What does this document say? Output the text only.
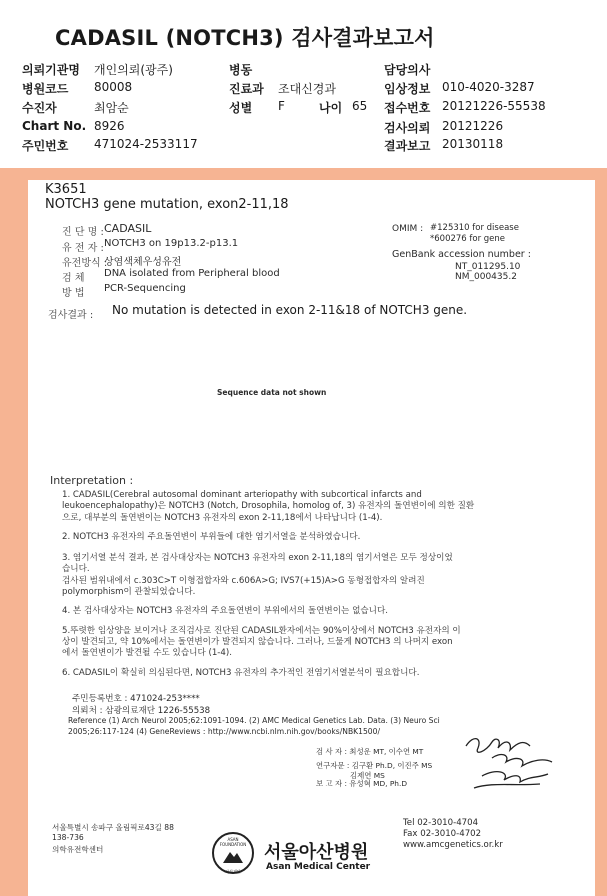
CADASIL (NOTCH3) 검사결과보고서
의뢰기관명 개인의뢰(광주)
병원코드 80008
수진자	최암순
Chart No. 8926
주민번호 471024-2533117
병동
진료과 조대신경과
성별 F	나이 65
담당의사
임상정보 010-4020-3287
접수번호 20121226-55538
검사의뢰 20121226
결과보고 20130118
K3651
NOTCH3 gene mutation, exon2-11,18
진 단 명 : CADASIL
유 전 자 : NOTCH3 on 19p13.2-p13.1
유전방식 :
상염색체우성유전
검 체 DNA isolated from Peripheral blood
방 법 PCR-Sequencing
OMIM : #125310 for disease
*600276 for gene
GenBank accession number :
NT_011295.10
NM_000435.2
검사결과 : No mutation is detected in exon 2-11&18 of NOTCH3 gene.
Sequence data not shown
Interpretation :
1. CADASIL(Cerebral autosomal dominant arteriopathy with subcortical infarcts and
leukoencephalopathy)은 NOTCH3 (Notch, Drosophila, homolog of, 3) 유전자의 돌연변이에 의한 질환
으로, 대부분의 돌연변이는 NOTCH3 유전자의 exon 2-11,18에서 나타납니다 (1-4).
2. NOTCH3 유전자의 주요돌연변이 부위들에 대한 염기서열을 분석하였습니다.
3. 염기서열 분석 결과, 본 검사대상자는 NOTCH3 유전자의 exon 2-11,18의 염기서열은 모두 정상이었
습니다.
검사된 범위내에서 c.303C>T 이형접합자와 c.606A>G; IVS7(+15)A>G 동형접합자의 알려진
polymorphism이 관찰되었습니다.
4. 본 검사대상자는 NOTCH3 유전자의 주요돌연변이 부위에서의 돌연변이는 없습니다.
5.뚜렷한 임상양을 보이거나 조직검사로 진단된 CADASIL환자에서는 90%이상에서 NOTCH3 유전자의 이
상이 발견되고, 약 10%에서는 돌연변이가 발견되지 않습니다. 그러나, 드물게 NOTCH3 의 나머지 exon
에서 돌연변이가 발견될 수도 있습니다 (1-4).
6. CADASIL이 확실히 의심된다면, NOTCH3 유전자의 추가적인 전염기서열분석이 필요합니다.
주민등록번호 : 471024-253****
의뢰처 : 삼광의료재단 1226-55538
Reference (1) Arch Neurol 2005;62:1091-1094. (2) AMC Medical Genetics Lab. Data. (3) Neuro Sci
2005;26:117-124 (4) GeneReviews : http://www.ncbi.nlm.nih.gov/books/NBK1500/
검 사 자 : 최성운 MT, 이수연 MT
연구자문 : 김구환 Ph.D, 이진주 MS
김제연 MS
보 고 자 : 유성혁 MD, Ph.D
서울특별시 송파구 올림픽로43길 88
138-736
의학유전학센터
ASAN FOUNDATION
아산재단
서울아산병원
Asan Medical Center
Tel 02-3010-4704
Fax 02-3010-4702
www.amcgenetics.or.kr
